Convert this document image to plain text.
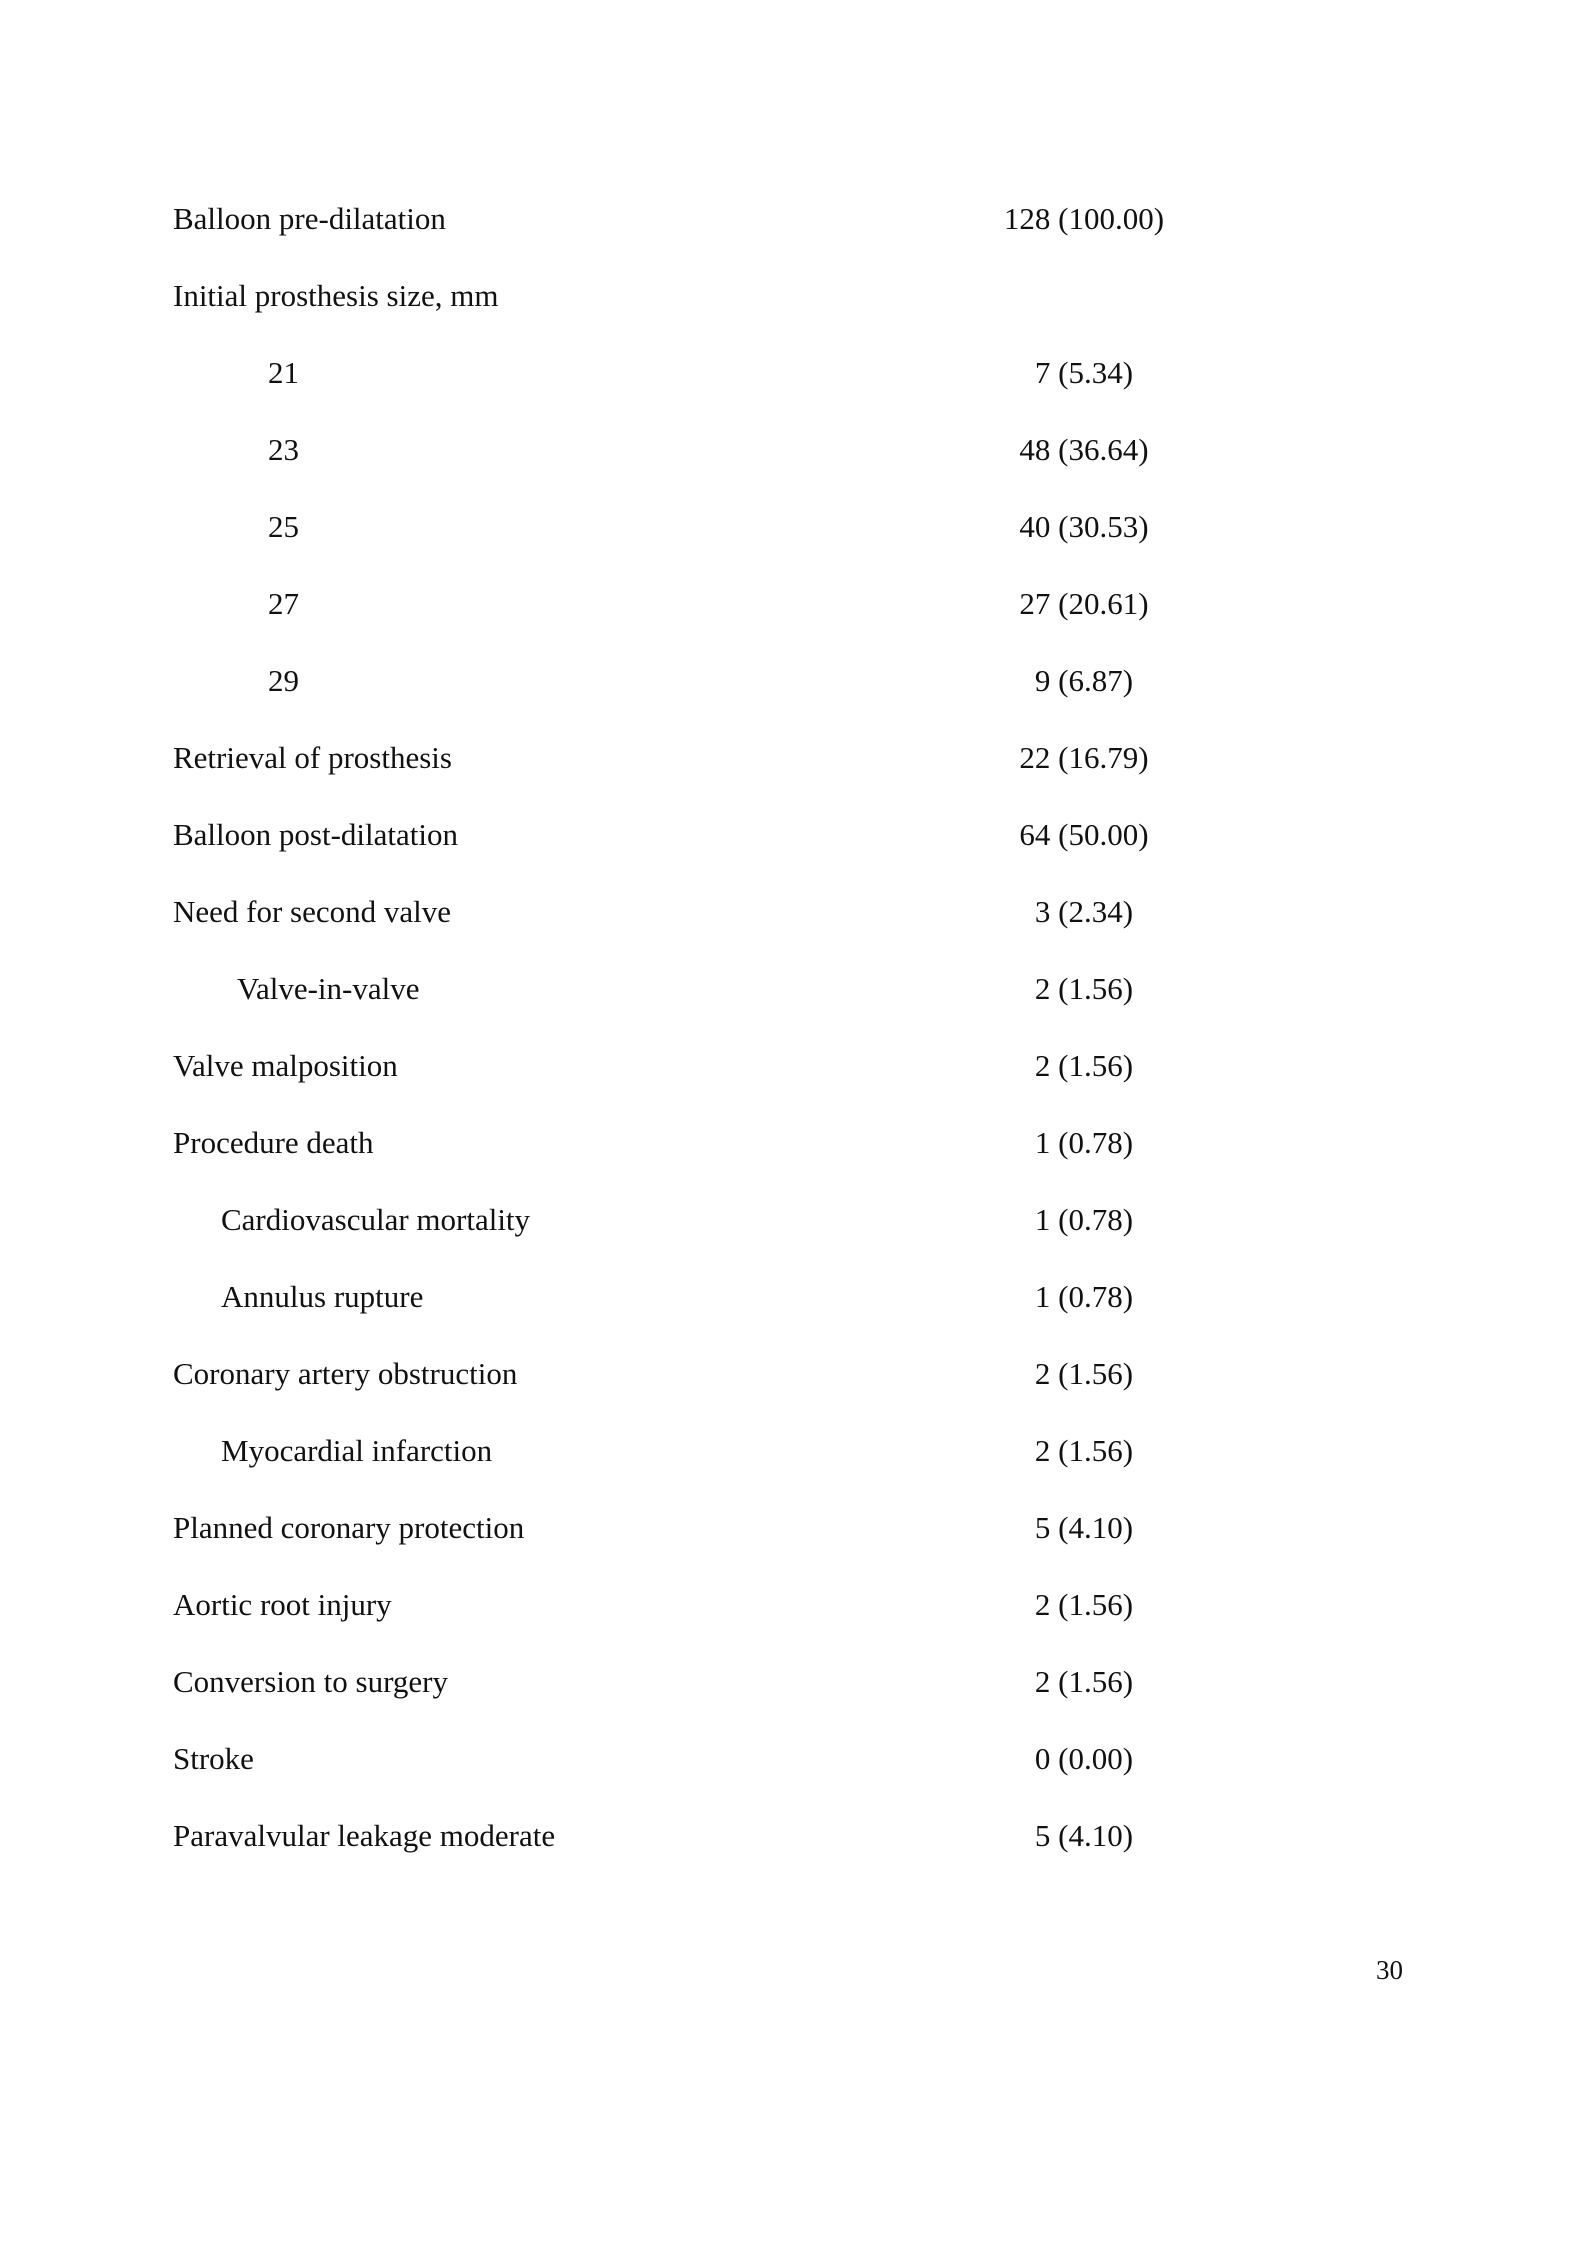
Balloon pre-dilatation	128 (100.00)
Initial prosthesis size, mm
21	7 (5.34)
23	48 (36.64)
25	40 (30.53)
27	27 (20.61)
29	9 (6.87)
Retrieval of prosthesis	22 (16.79)
Balloon post-dilatation	64 (50.00)
Need for second valve	3 (2.34)
Valve-in-valve	2 (1.56)
Valve malposition	2 (1.56)
Procedure death	1 (0.78)
Cardiovascular mortality	1 (0.78)
Annulus rupture	1 (0.78)
Coronary artery obstruction	2 (1.56)
Myocardial infarction	2 (1.56)
Planned coronary protection	5 (4.10)
Aortic root injury	2 (1.56)
Conversion to surgery	2 (1.56)
Stroke	0 (0.00)
Paravalvular leakage moderate	5 (4.10)
30
